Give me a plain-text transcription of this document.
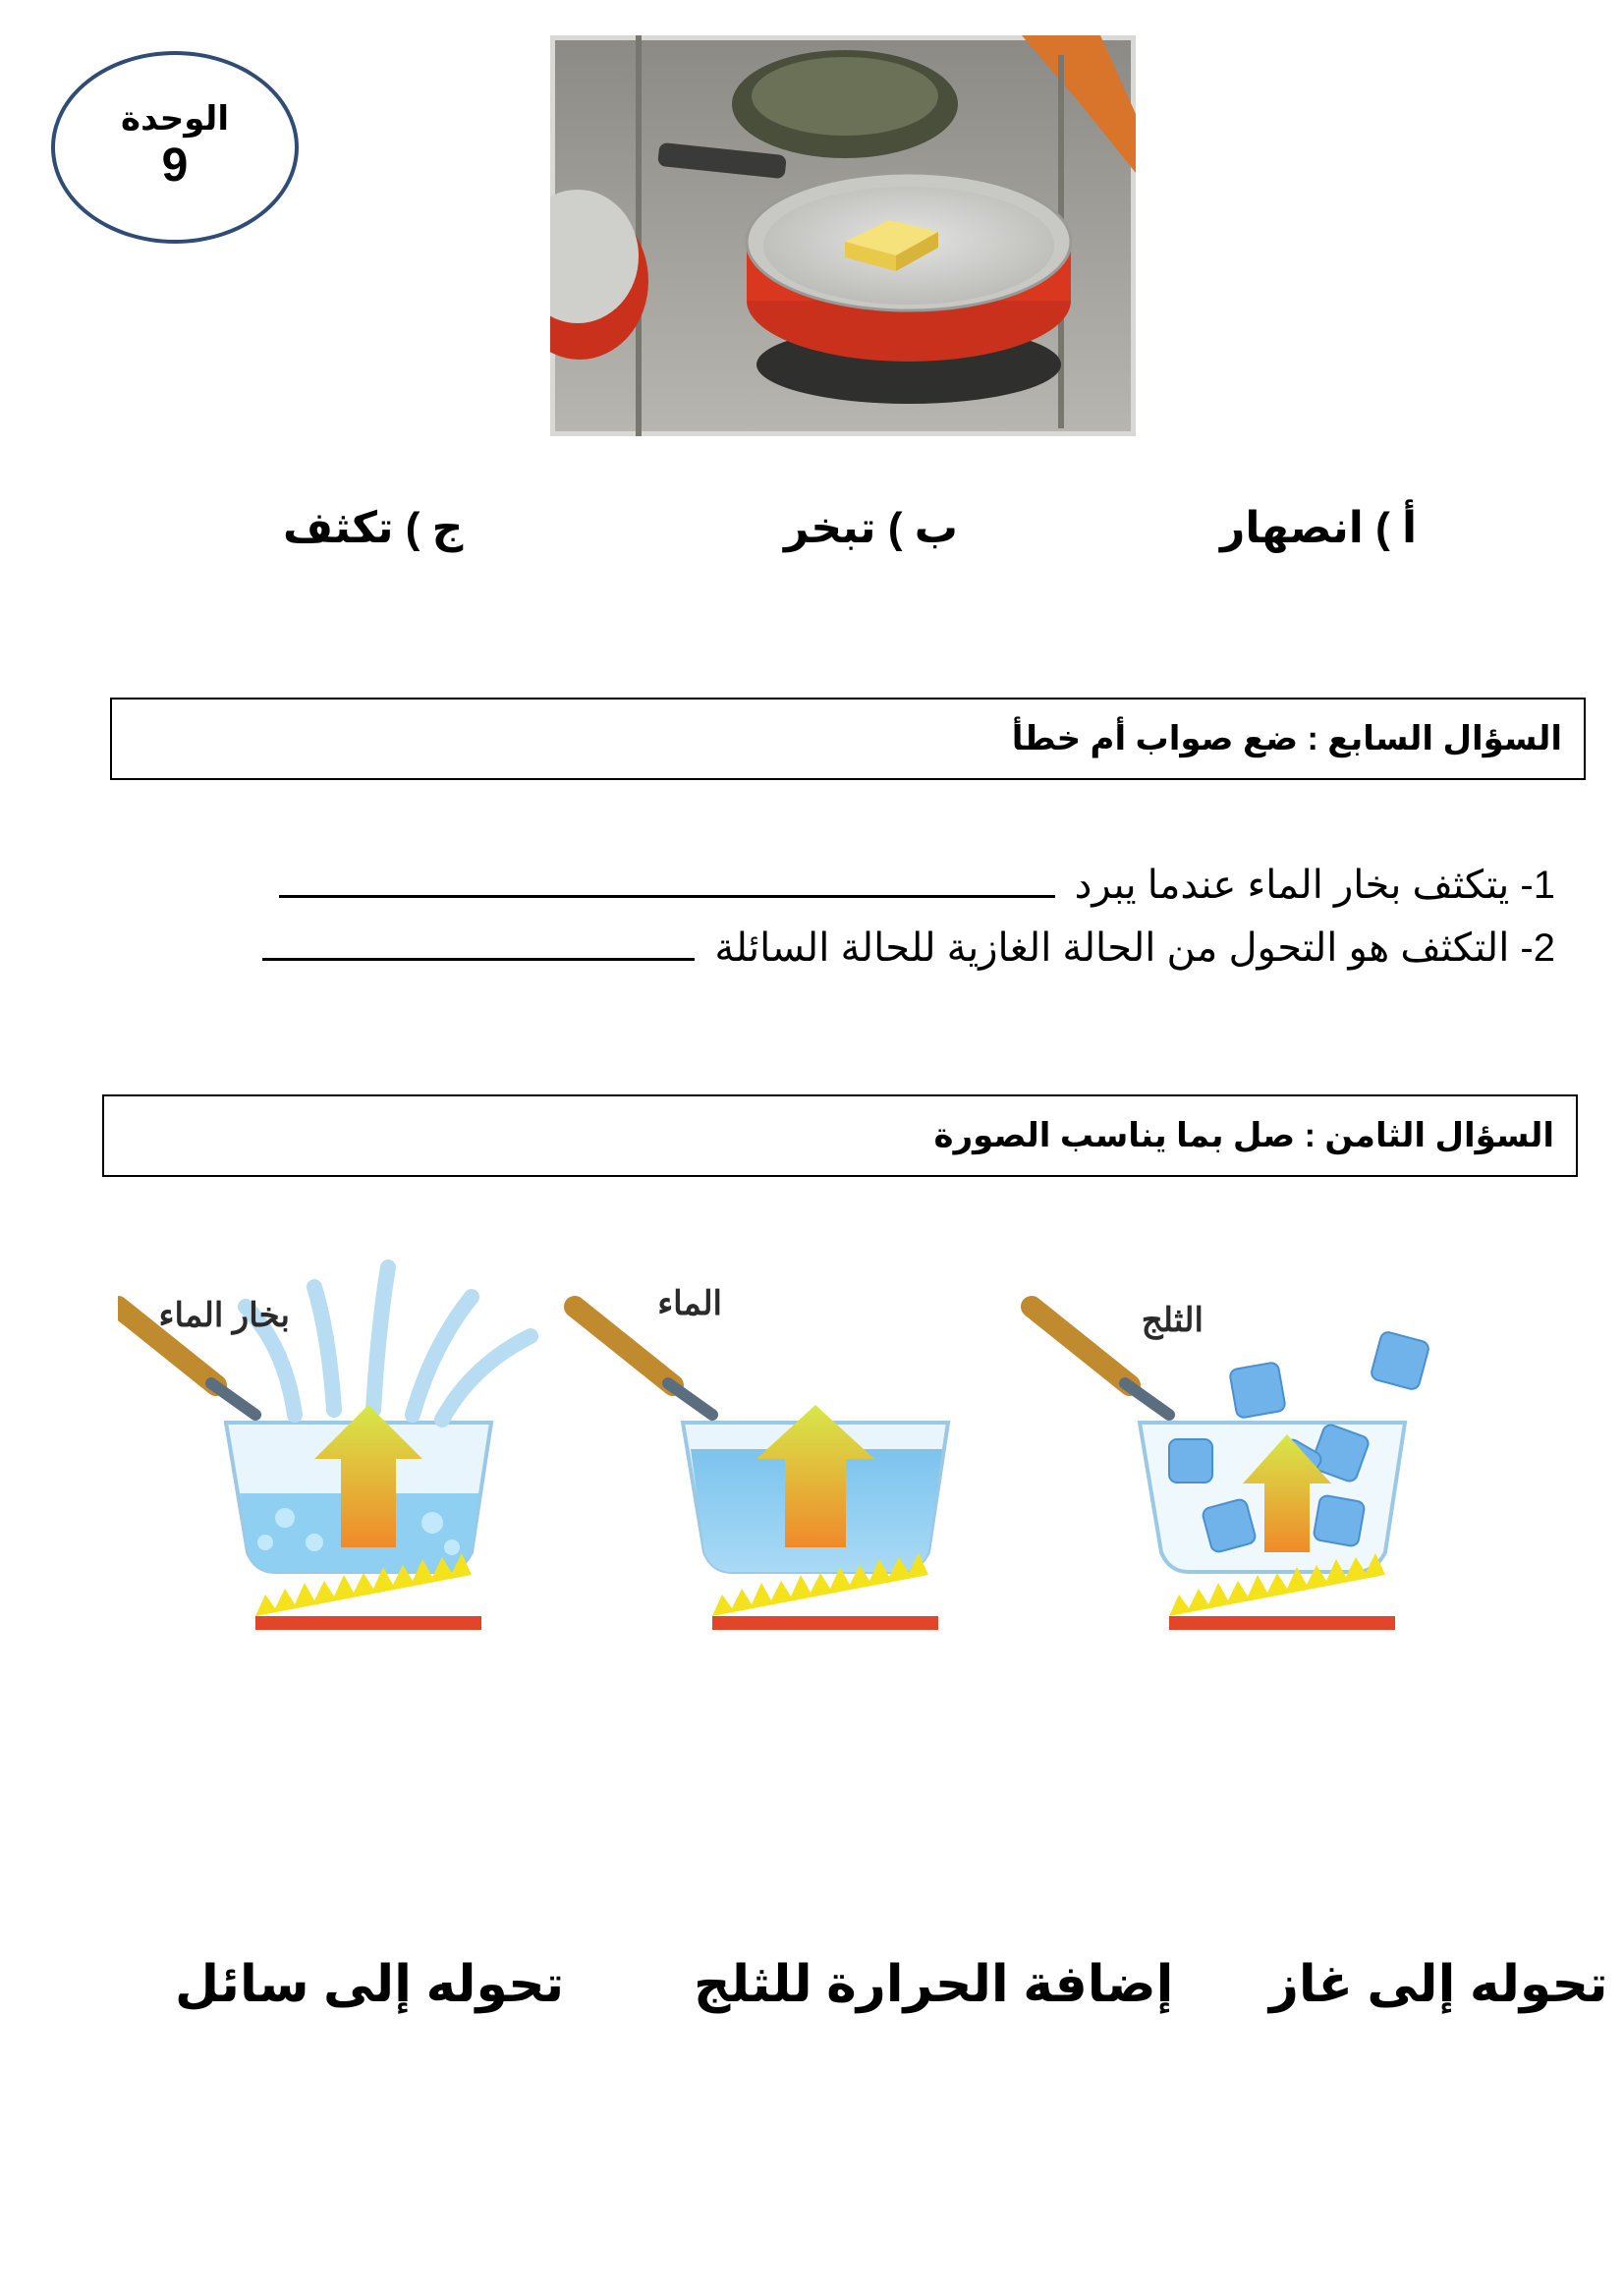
الوحدة
9
أ ) انصهار
ب ) تبخر
ج ) تكثف
السؤال السابع : ضع صواب أم خطأ
1- يتكثف بخار الماء عندما يبرد
2- التكثف هو التحول من الحالة الغازية للحالة السائلة
السؤال الثامن : صل بما يناسب الصورة
بخار الماء	الماء	الثلج
تحوله إلى غاز
إضافة الحرارة للثلج
تحوله إلى سائل
